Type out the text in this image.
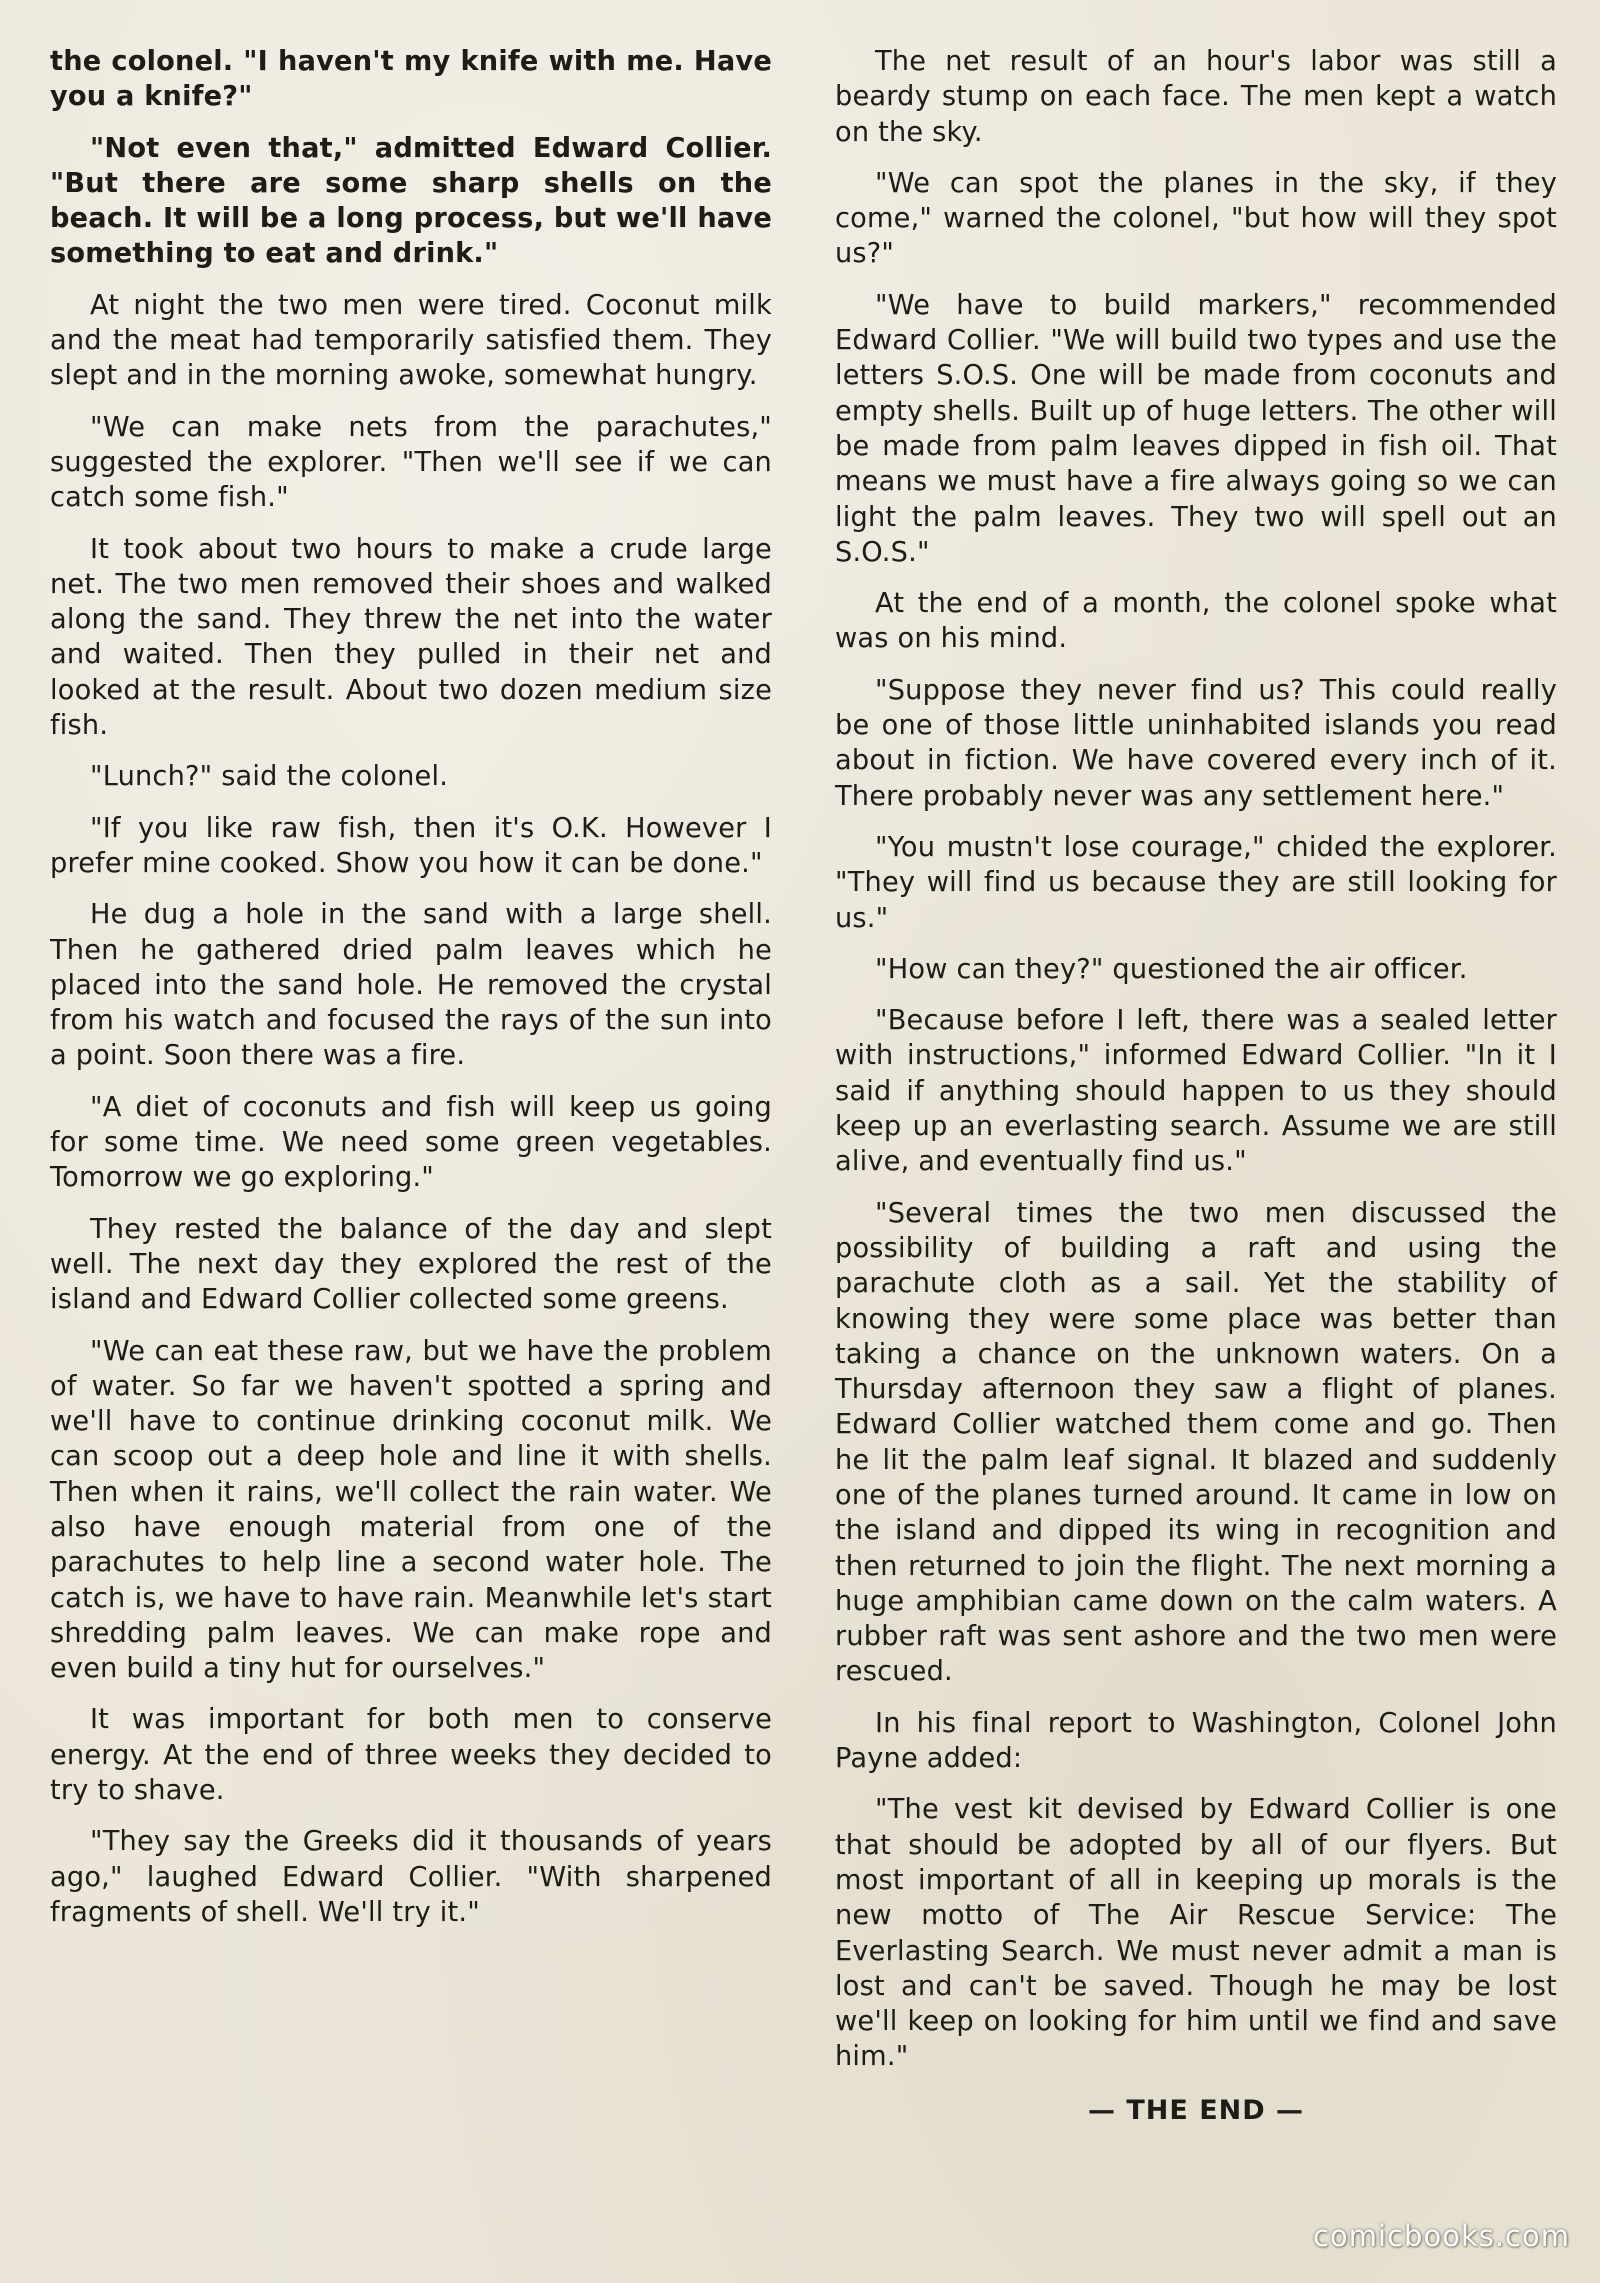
the colonel. "I haven't my knife with me. Have you a knife?"

"Not even that," admitted Edward Collier. "But there are some sharp shells on the beach. It will be a long process, but we'll have something to eat and drink."

At night the two men were tired. Coconut milk and the meat had temporarily satisfied them. They slept and in the morning awoke, somewhat hungry.

"We can make nets from the parachutes," suggested the explorer. "Then we'll see if we can catch some fish."

It took about two hours to make a crude large net. The two men removed their shoes and walked along the sand. They threw the net into the water and waited. Then they pulled in their net and looked at the result. About two dozen medium size fish.

"Lunch?" said the colonel.

"If you like raw fish, then it's O.K. However I prefer mine cooked. Show you how it can be done."

He dug a hole in the sand with a large shell. Then he gathered dried palm leaves which he placed into the sand hole. He removed the crystal from his watch and focused the rays of the sun into a point. Soon there was a fire.

"A diet of coconuts and fish will keep us going for some time. We need some green vegetables. Tomorrow we go exploring."

They rested the balance of the day and slept well. The next day they explored the rest of the island and Edward Collier collected some greens.

"We can eat these raw, but we have the problem of water. So far we haven't spotted a spring and we'll have to continue drinking coconut milk. We can scoop out a deep hole and line it with shells. Then when it rains, we'll collect the rain water. We also have enough material from one of the parachutes to help line a second water hole. The catch is, we have to have rain. Meanwhile let's start shredding palm leaves. We can make rope and even build a tiny hut for ourselves."

It was important for both men to conserve energy. At the end of three weeks they decided to try to shave.

"They say the Greeks did it thousands of years ago," laughed Edward Collier. "With sharpened fragments of shell. We'll try it."

The net result of an hour's labor was still a beardy stump on each face. The men kept a watch on the sky.

"We can spot the planes in the sky, if they come," warned the colonel, "but how will they spot us?"

"We have to build markers," recommended Edward Collier. "We will build two types and use the letters S.O.S. One will be made from coconuts and empty shells. Built up of huge letters. The other will be made from palm leaves dipped in fish oil. That means we must have a fire always going so we can light the palm leaves. They two will spell out an S.O.S."

At the end of a month, the colonel spoke what was on his mind.

"Suppose they never find us? This could really be one of those little uninhabited islands you read about in fiction. We have covered every inch of it. There probably never was any settlement here."

"You mustn't lose courage," chided the explorer. "They will find us because they are still looking for us."

"How can they?" questioned the air officer.

"Because before I left, there was a sealed letter with instructions," informed Edward Collier. "In it I said if anything should happen to us they should keep up an everlasting search. Assume we are still alive, and eventually find us."

"Several times the two men discussed the possibility of building a raft and using the parachute cloth as a sail. Yet the stability of knowing they were some place was better than taking a chance on the unknown waters. On a Thursday afternoon they saw a flight of planes. Edward Collier watched them come and go. Then he lit the palm leaf signal. It blazed and suddenly one of the planes turned around. It came in low on the island and dipped its wing in recognition and then returned to join the flight. The next morning a huge amphibian came down on the calm waters. A rubber raft was sent ashore and the two men were rescued.

In his final report to Washington, Colonel John Payne added:

"The vest kit devised by Edward Collier is one that should be adopted by all of our flyers. But most important of all in keeping up morals is the new motto of The Air Rescue Service: The Everlasting Search. We must never admit a man is lost and can't be saved. Though he may be lost we'll keep on looking for him until we find and save him."

— THE END —
comicbooks.com
